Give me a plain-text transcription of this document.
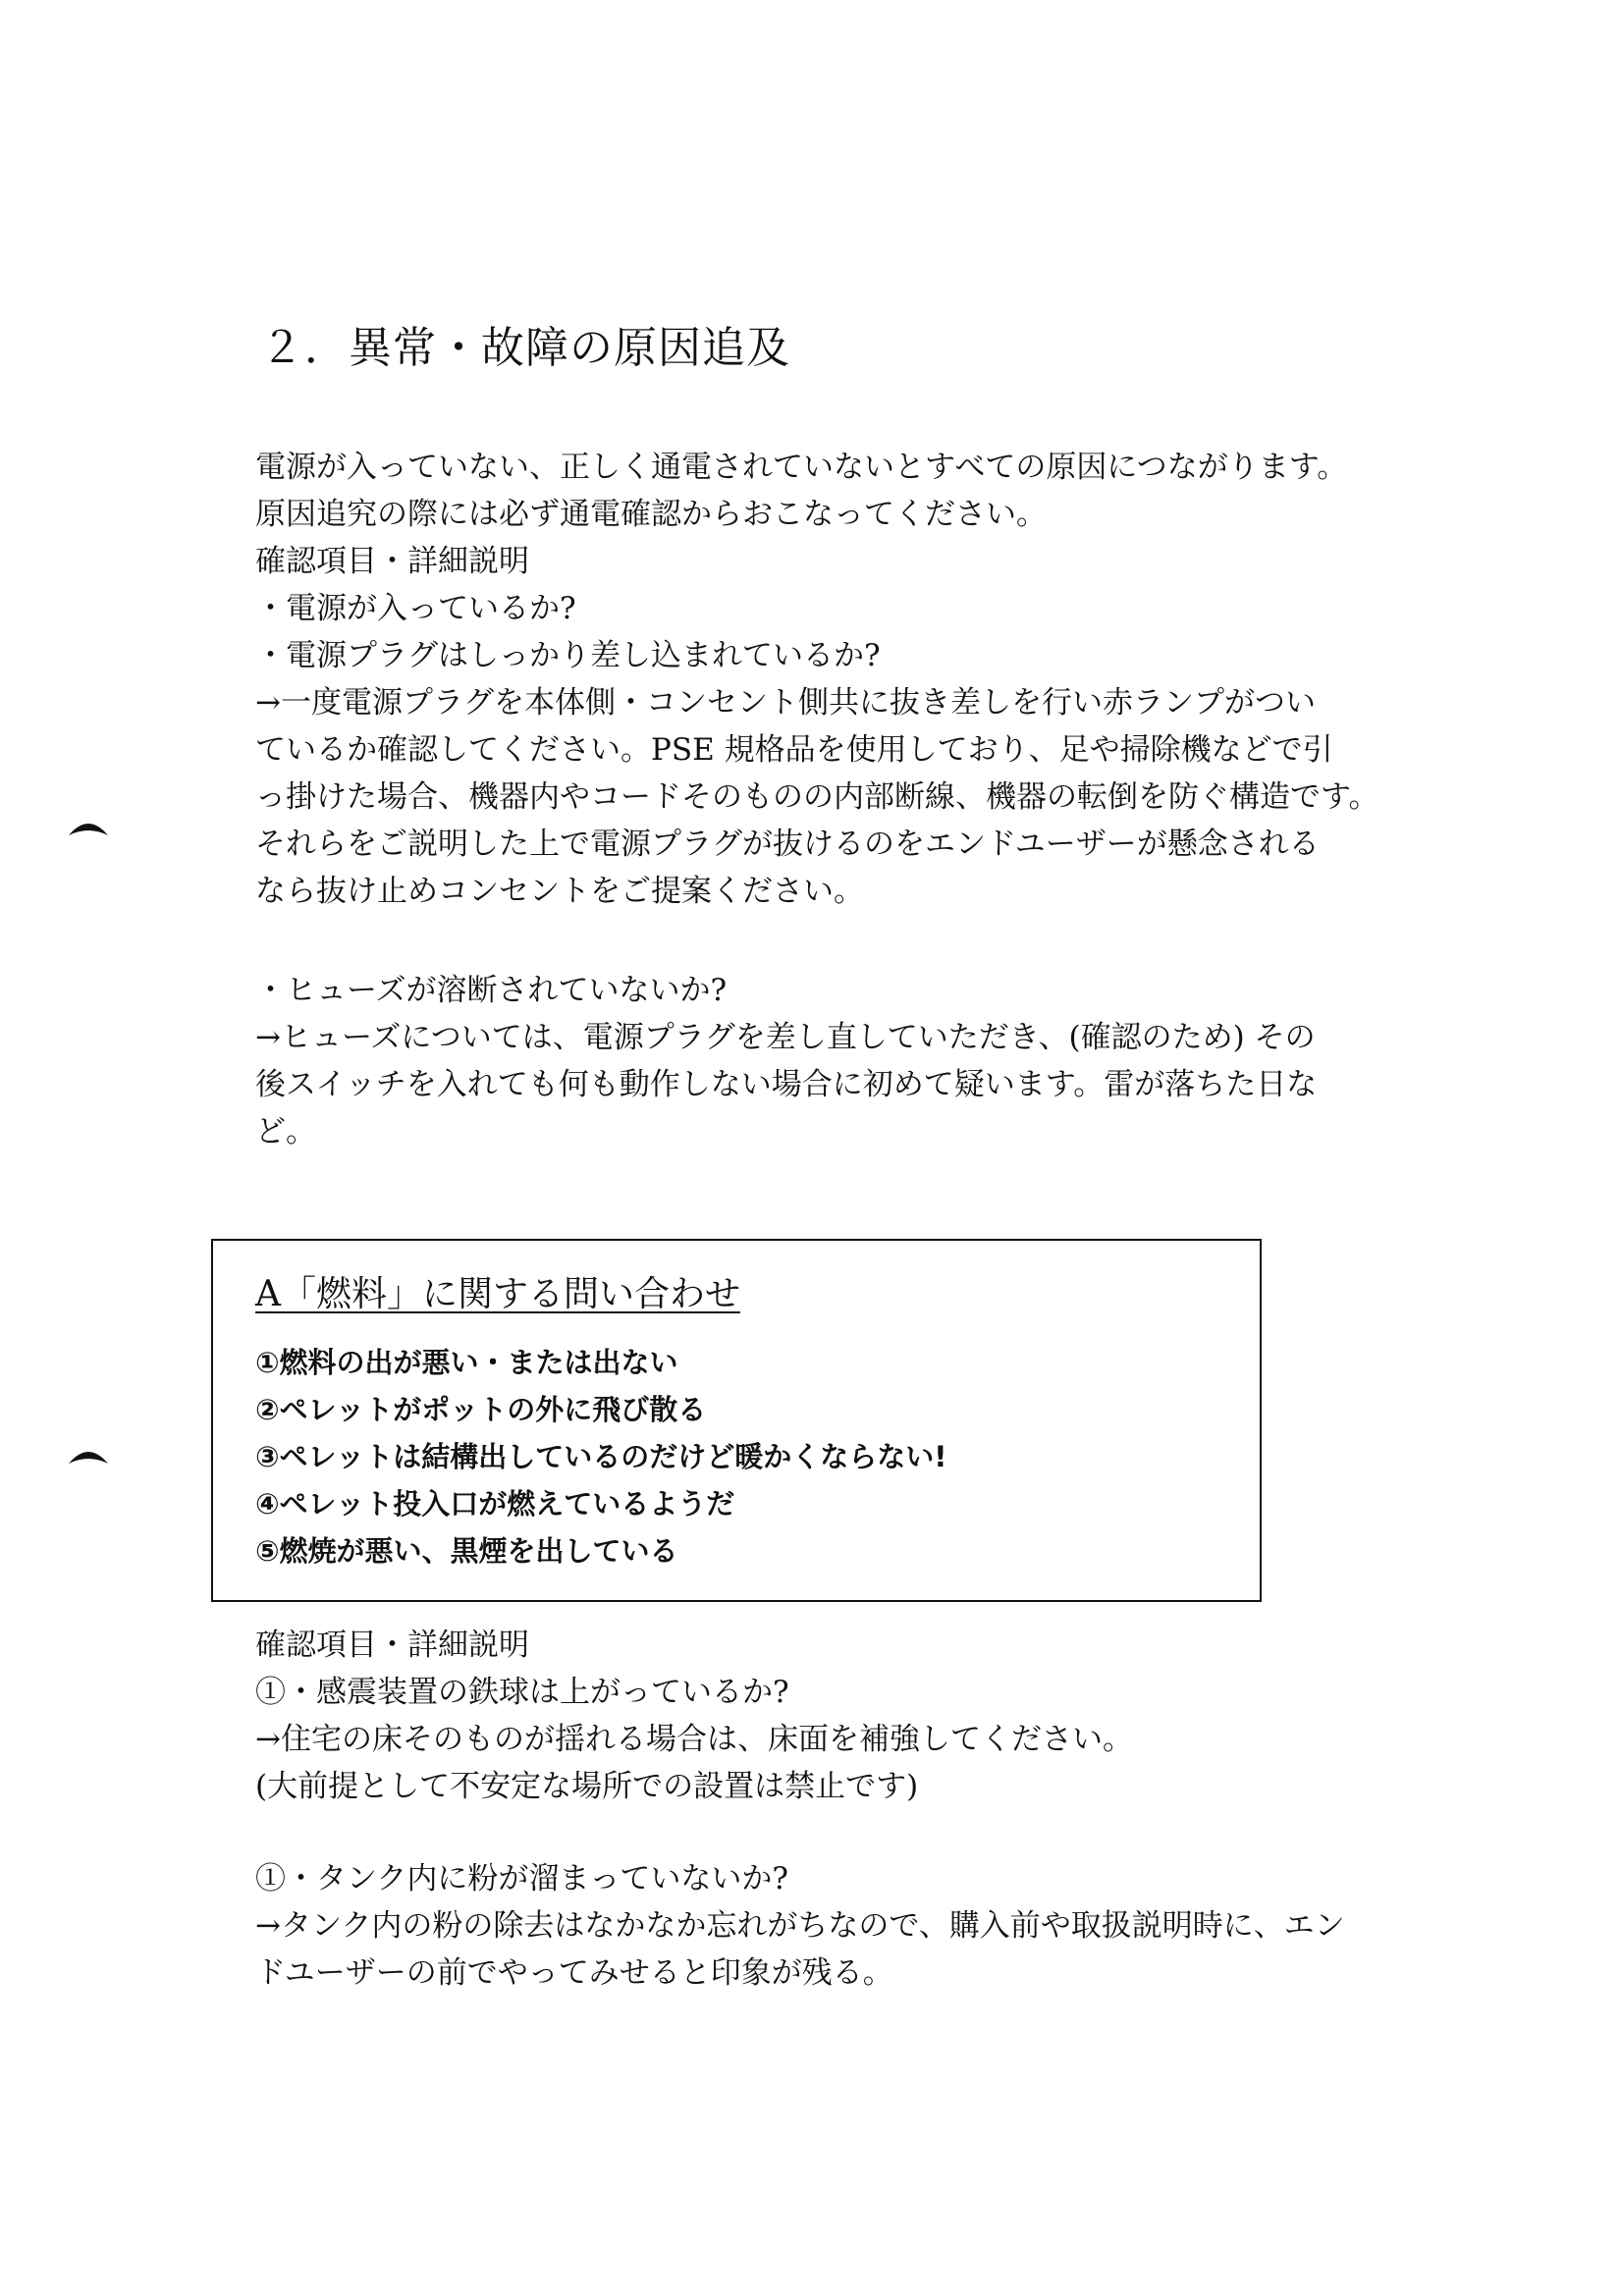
２．異常・故障の原因追及

電源が入っていない、正しく通電されていないとすべての原因につながります。

原因追究の際には必ず通電確認からおこなってください。

確認項目・詳細説明

・電源が入っているか?

・電源プラグはしっかり差し込まれているか?

→一度電源プラグを本体側・コンセント側共に抜き差しを行い赤ランプがつい

ているか確認してください。PSE 規格品を使用しており、足や掃除機などで引

っ掛けた場合、機器内やコードそのものの内部断線、機器の転倒を防ぐ構造です。

それらをご説明した上で電源プラグが抜けるのをエンドユーザーが懸念される

なら抜け止めコンセントをご提案ください。

・ヒューズが溶断されていないか?

→ヒューズについては、電源プラグを差し直していただき、(確認のため) その

後スイッチを入れても何も動作しない場合に初めて疑います。雷が落ちた日な

ど。

A「燃料」に関する問い合わせ
①燃料の出が悪い・または出ない
②ペレットがポットの外に飛び散る
③ペレットは結構出しているのだけど暖かくならない!
④ペレット投入口が燃えているようだ
⑤燃焼が悪い、黒煙を出している

確認項目・詳細説明

①・感震装置の鉄球は上がっているか?

→住宅の床そのものが揺れる場合は、床面を補強してください。

(大前提として不安定な場所での設置は禁止です)

①・タンク内に粉が溜まっていないか?

→タンク内の粉の除去はなかなか忘れがちなので、購入前や取扱説明時に、エン

ドユーザーの前でやってみせると印象が残る。
